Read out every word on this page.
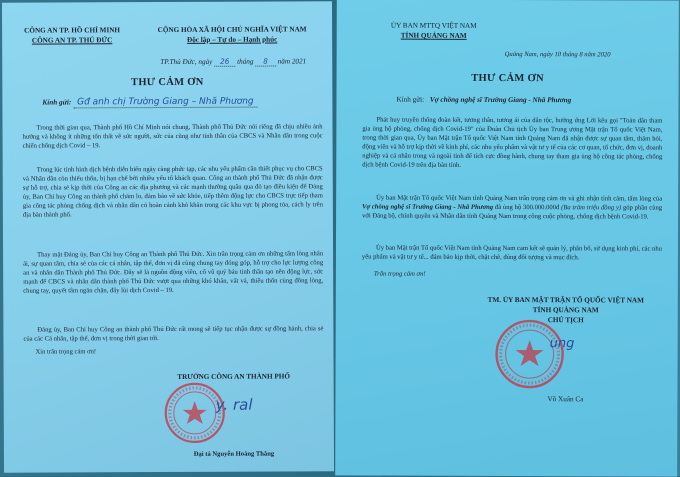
CÔNG AN TP. HỒ CHÍ MINH

CÔNG AN TP. THỦ ĐỨC

CỘNG HÒA XÃ HỘI CHỦ NGHĨA VIỆT NAM

Độc lập – Tự do – Hạnh phúc

TP.Thủ Đức, ngày 26 tháng 8 năm 2021

THƯ CẢM ƠN

Kính gửi: Gđ anh chị Trường Giang – Nhã Phương

Trong thời gian qua, Thành phố Hồ Chí Minh nói chung, Thành phố Thủ Đức nói riêng đã chịu nhiều ảnh hưởng và không ít những tổn thất về sức người, sức của cũng như tinh thần của CBCS và Nhân dân trong cuộc chiến chống dịch Covid – 19.

Trong lúc tình hình dịch bệnh diễn biến ngày càng phức tạp, các nhu yếu phẩm cần thiết phục vụ cho CBCS và Nhân dân còn thiếu thốn, bị hạn chế bởi nhiều yếu tố khách quan. Công an thành phố Thủ Đức đã nhận được sự hỗ trợ, chia sẻ kịp thời của Công an các địa phương và các mạnh thường quân qua đó tạo điều kiện để Đảng ủy, Ban Chỉ huy Công an thành phố chăm lo, đảm bảo về sức khỏe, tiếp thêm động lực cho CBCS trực tiếp tham gia công tác phòng chống dịch và nhân dân có hoàn cảnh khó khăn trong các khu vực bị phong tỏa, cách ly trên địa bàn thành phố.

Thay mặt Đảng ủy, Ban Chỉ huy Công an Thành phố Thủ Đức. Xin trân trọng cảm ơn những tấm lòng nhân ái, sự quan tâm, chia sẻ của các cá nhân, tập thể, đơn vị đã cùng chung tay đóng góp, hỗ trợ cho lực lượng công an và nhân dân Thành phố Thủ Đức. Đây sẽ là nguồn động viên, cổ vũ quý báu tinh thần tạo nên động lực, sức mạnh để CBCS và nhân dân thành phố Thủ Đức vượt qua những khó khăn, vất vả, thiếu thốn cùng đồng lòng, chung tay, quyết tâm ngăn chặn, đẩy lùi dịch Covid – 19.

Đảng ủy, Ban Chỉ huy Công an thành phố Thủ Đức rất mong sẽ tiếp tục nhận được sự đồng hành, chia sẻ của các Cá nhân, tập thể, đơn vị trong thời gian tới.

Xin trân trọng cảm ơn!

TRƯỞNG CÔNG AN THÀNH PHỐ

y. ral

Đại tá Nguyễn Hoàng Thắng

ỦY BAN MTTQ VIỆT NAM

TỈNH QUẢNG NAM

Quảng Nam, ngày 10 tháng 8 năm 2020

THƯ CẢM ƠN

Kính gửi: Vợ chồng nghệ sĩ Trường Giang - Nhã Phương

Phát huy truyền thống đoàn kết, tương thân, tương ái của dân tộc, hưởng ứng Lời kêu gọi "Toàn dân tham gia ủng hộ phòng, chống dịch Covid-19" của Đoàn Chủ tịch Ủy ban Trung ương Mặt trận Tổ quốc Việt Nam, trong thời gian qua, Ủy ban Mặt trận Tổ quốc Việt Nam tỉnh Quảng Nam đã nhận được sự quan tâm, thăm hỏi, động viên và hỗ trợ kịp thời về kinh phí, các nhu yếu phẩm và vật tư y tế của các cơ quan, tổ chức, đơn vị, doanh nghiệp và cá nhân trong và ngoài tỉnh để tích cực đồng hành, chung tay tham gia ủng hộ công tác phòng, chống dịch bệnh Covid-19 trên địa bàn tỉnh.

Ủy ban Mặt trận Tổ quốc Việt Nam tỉnh Quảng Nam trân trọng cảm ơn và ghi nhận tình cảm, tấm lòng của Vợ chồng nghệ sĩ Trường Giang - Nhã Phương đã ủng hộ 300.000.000đ (Ba trăm triệu đồng y) góp phần cùng với Đảng bộ, chính quyền và Nhân dân tỉnh Quảng Nam trong công cuộc phòng, chống dịch bệnh Covid-19.

Ủy ban Mặt trận Tổ quốc Việt Nam tỉnh Quảng Nam cam kết sẽ quản lý, phân bổ, sử dụng kinh phí, các nhu yếu phẩm và vật tư y tế... đảm bảo kịp thời, chặt chẽ, đúng đối tượng và mục đích.

Trân trọng cảm ơn!

TM. ỦY BAN MẶT TRẬN TỔ QUỐC VIỆT NAM

TỈNH QUẢNG NAM

CHỦ TỊCH

ung

Võ Xuân Ca
